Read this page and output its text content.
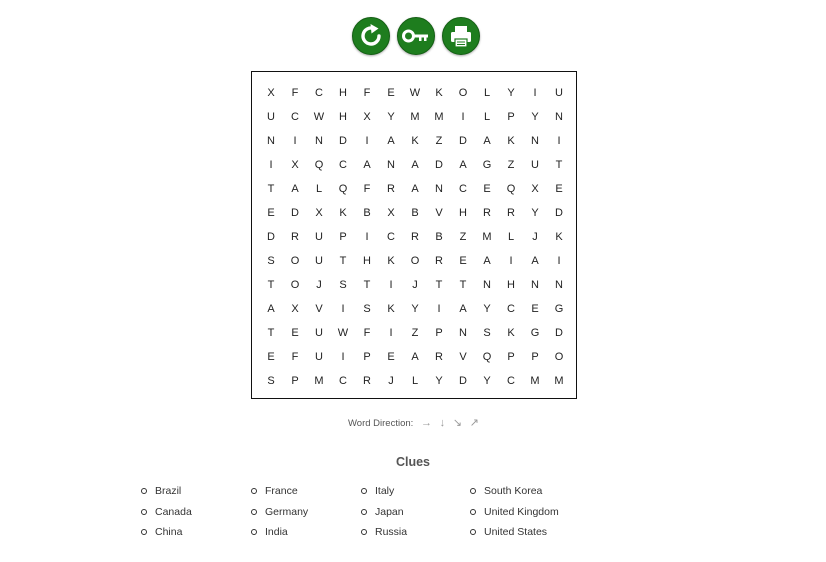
X	F	C	H	F	E	W	K	O	L	Y	I	U
U	C	W	H	X	Y	M	M	I	L	P	Y	N
N	I	N	D	I	A	K	Z	D	A	K	N	I
I	X	Q	C	A	N	A	D	A	G	Z	U	T
T	A	L	Q	F	R	A	N	C	E	Q	X	E
E	D	X	K	B	X	B	V	H	R	R	Y	D
D	R	U	P	I	C	R	B	Z	M	L	J	K
S	O	U	T	H	K	O	R	E	A	I	A	I
T	O	J	S	T	I	J	T	T	N	H	N	N
A	X	V	I	S	K	Y	I	A	Y	C	E	G
T	E	U	W	F	I	Z	P	N	S	K	G	D
E	F	U	I	P	E	A	R	V	Q	P	P	O
S	P	M	C	R	J	L	Y	D	Y	C	M	M
Word Direction: → ↓ ↘ ↗
Clues
Brazil
Canada
China
France
Germany
India
Italy
Japan
Russia
South Korea
United Kingdom
United States
